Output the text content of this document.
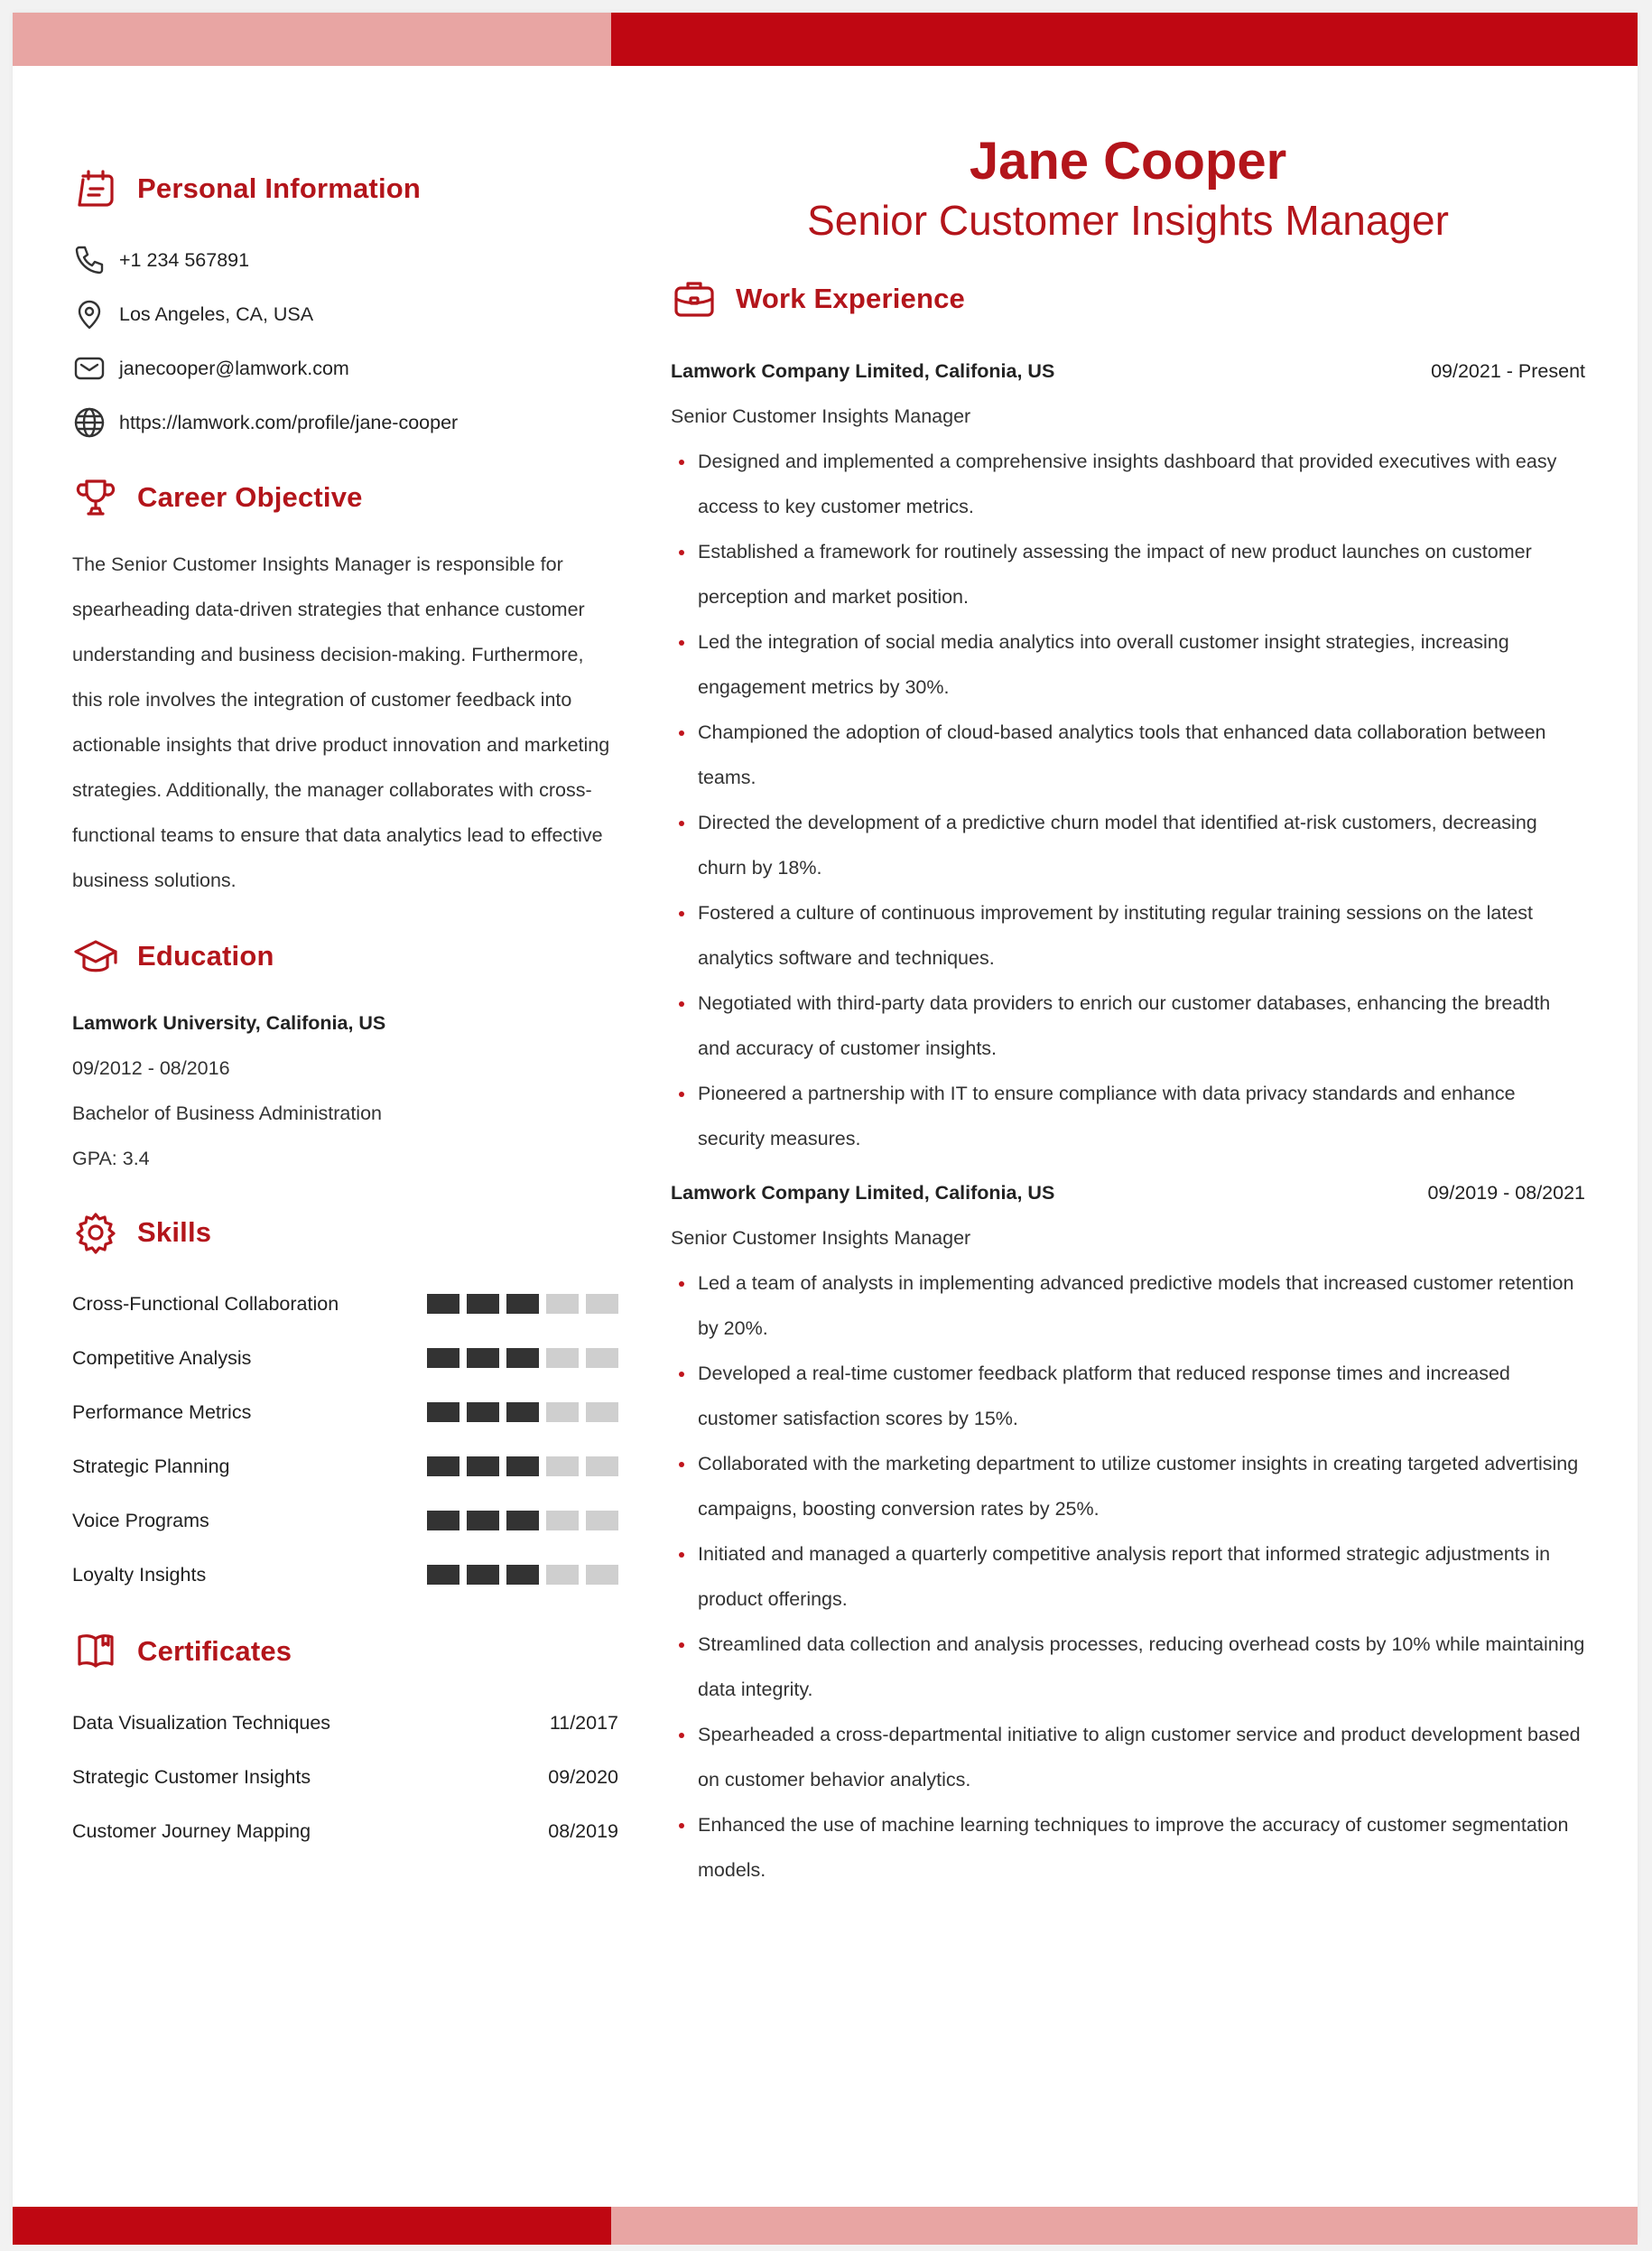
Personal Information
+1 234 567891
Los Angeles, CA, USA
janecooper@lamwork.com
https://lamwork.com/profile/jane-cooper
Career Objective

The Senior Customer Insights Manager is responsible for spearheading data-driven strategies that enhance customer understanding and business decision-making. Furthermore, this role involves the integration of customer feedback into actionable insights that drive product innovation and marketing strategies. Additionally, the manager collaborates with cross-functional teams to ensure that data analytics lead to effective business solutions.

Education
Lamwork University, Califonia, US
09/2012 - 08/2016
Bachelor of Business Administration
GPA: 3.4
Skills
Cross-Functional Collaboration
Competitive Analysis
Performance Metrics
Strategic Planning
Voice Programs
Loyalty Insights
Certificates
Data Visualization Techniques	11/2017
Strategic Customer Insights	09/2020
Customer Journey Mapping	08/2019
Jane Cooper
Senior Customer Insights Manager
Work Experience
Lamwork Company Limited, Califonia, US	09/2021 - Present
Senior Customer Insights Manager
Designed and implemented a comprehensive insights dashboard that provided executives with easy access to key customer metrics.
Established a framework for routinely assessing the impact of new product launches on customer perception and market position.
Led the integration of social media analytics into overall customer insight strategies, increasing engagement metrics by 30%.
Championed the adoption of cloud-based analytics tools that enhanced data collaboration between teams.
Directed the development of a predictive churn model that identified at-risk customers, decreasing churn by 18%.
Fostered a culture of continuous improvement by instituting regular training sessions on the latest analytics software and techniques.
Negotiated with third-party data providers to enrich our customer databases, enhancing the breadth and accuracy of customer insights.
Pioneered a partnership with IT to ensure compliance with data privacy standards and enhance security measures.
Lamwork Company Limited, Califonia, US	09/2019 - 08/2021
Senior Customer Insights Manager
Led a team of analysts in implementing advanced predictive models that increased customer retention by 20%.
Developed a real-time customer feedback platform that reduced response times and increased customer satisfaction scores by 15%.
Collaborated with the marketing department to utilize customer insights in creating targeted advertising campaigns, boosting conversion rates by 25%.
Initiated and managed a quarterly competitive analysis report that informed strategic adjustments in product offerings.
Streamlined data collection and analysis processes, reducing overhead costs by 10% while maintaining data integrity.
Spearheaded a cross-departmental initiative to align customer service and product development based on customer behavior analytics.
Enhanced the use of machine learning techniques to improve the accuracy of customer segmentation models.
